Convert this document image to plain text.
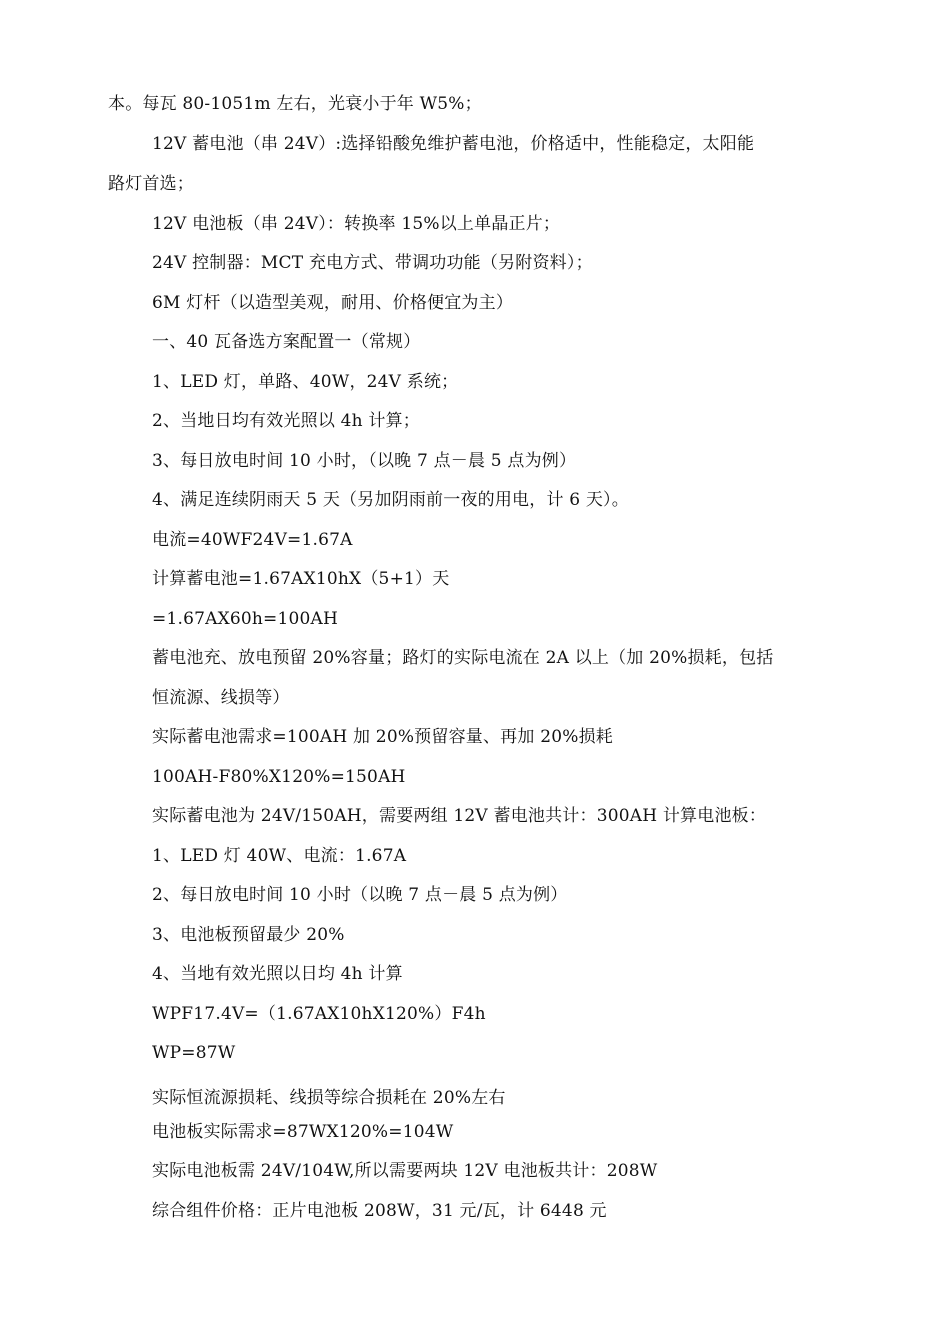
本。每瓦 80-1051m 左右，光衰小于年 W5%；
12V 蓄电池（串 24V）:选择铅酸免维护蓄电池，价格适中，性能稳定，太阳能
路灯首选；
12V 电池板（串 24V）：转换率 15%以上单晶正片；
24V 控制器：MCT 充电方式、带调功功能（另附资料）；
6M 灯杆（以造型美观，耐用、价格便宜为主）
一、40 瓦备选方案配置一（常规）
1、LED 灯，单路、40W，24V 系统；
2、当地日均有效光照以 4h 计算；
3、每日放电时间 10 小时，（以晚 7 点－晨 5 点为例）
4、满足连续阴雨天 5 天（另加阴雨前一夜的用电，计 6 天）。
电流=40WF24V=1.67A
计算蓄电池=1.67AX10hX（5+1）天
=1.67AX60h=100AH
蓄电池充、放电预留 20%容量；路灯的实际电流在 2A 以上（加 20%损耗，包括
恒流源、线损等）
实际蓄电池需求=100AH 加 20%预留容量、再加 20%损耗
100AH-F80%X120%=150AH
实际蓄电池为 24V/150AH，需要两组 12V 蓄电池共计：300AH 计算电池板：
1、LED 灯 40W、电流：1.67A
2、每日放电时间 10 小时（以晚 7 点－晨 5 点为例）
3、电池板预留最少 20%
4、当地有效光照以日均 4h 计算
WPF17.4V=（1.67AX10hX120%）F4h
WP=87W
实际恒流源损耗、线损等综合损耗在 20%左右
电池板实际需求=87WX120%=104W
实际电池板需 24V/104W,所以需要两块 12V 电池板共计：208W
综合组件价格：正片电池板 208W，31 元/瓦，计 6448 元
